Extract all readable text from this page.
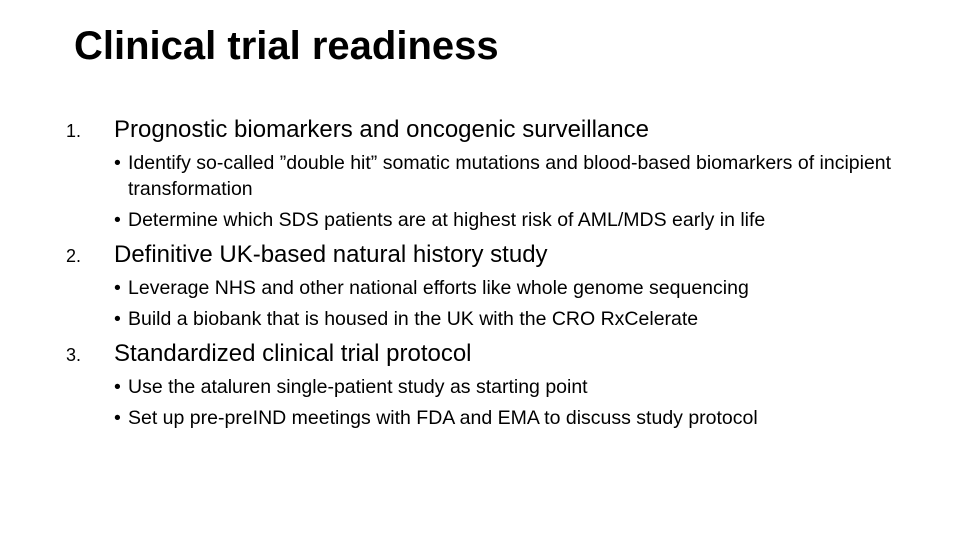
Clinical trial readiness
1.	Prognostic biomarkers and oncogenic surveillance
• Identify so-called ”double hit” somatic mutations and blood-based biomarkers of incipient transformation
• Determine which SDS patients are at highest risk of AML/MDS early in life
2.	Definitive UK-based natural history study
• Leverage NHS and other national efforts like whole genome sequencing
• Build a biobank that is housed in the UK with the CRO RxCelerate
3.	Standardized clinical trial protocol
• Use the ataluren single-patient study as starting point
• Set up pre-preIND meetings with FDA and EMA to discuss study protocol
